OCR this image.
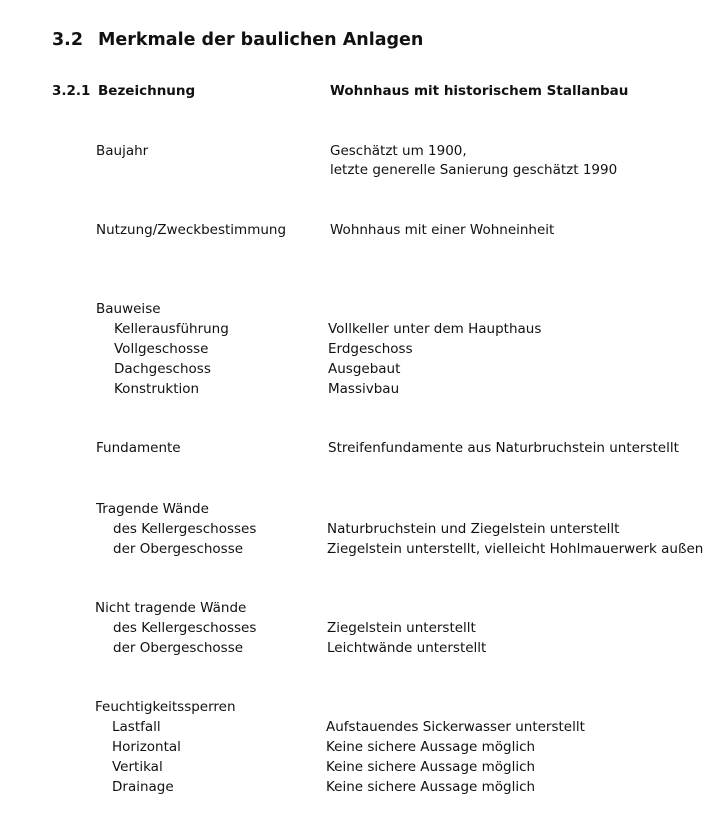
3.2 Merkmale der baulichen Anlagen
3.2.1 Bezeichnung	Wohnhaus mit historischem Stallanbau
Baujahr	Geschätzt um 1900,
letzte generelle Sanierung geschätzt 1990
Nutzung/Zweckbestimmung	Wohnhaus mit einer Wohneinheit
Bauweise
Kellerausführung	Vollkeller unter dem Haupthaus
Vollgeschosse	Erdgeschoss
Dachgeschoss	Ausgebaut
Konstruktion	Massivbau
Fundamente	Streifenfundamente aus Naturbruchstein unterstellt
Tragende Wände
des Kellergeschosses	Naturbruchstein und Ziegelstein unterstellt
der Obergeschosse	Ziegelstein unterstellt, vielleicht Hohlmauerwerk außen
Nicht tragende Wände
des Kellergeschosses	Ziegelstein unterstellt
der Obergeschosse	Leichtwände unterstellt
Feuchtigkeitssperren
Lastfall	Aufstauendes Sickerwasser unterstellt
Horizontal	Keine sichere Aussage möglich
Vertikal	Keine sichere Aussage möglich
Drainage	Keine sichere Aussage möglich
